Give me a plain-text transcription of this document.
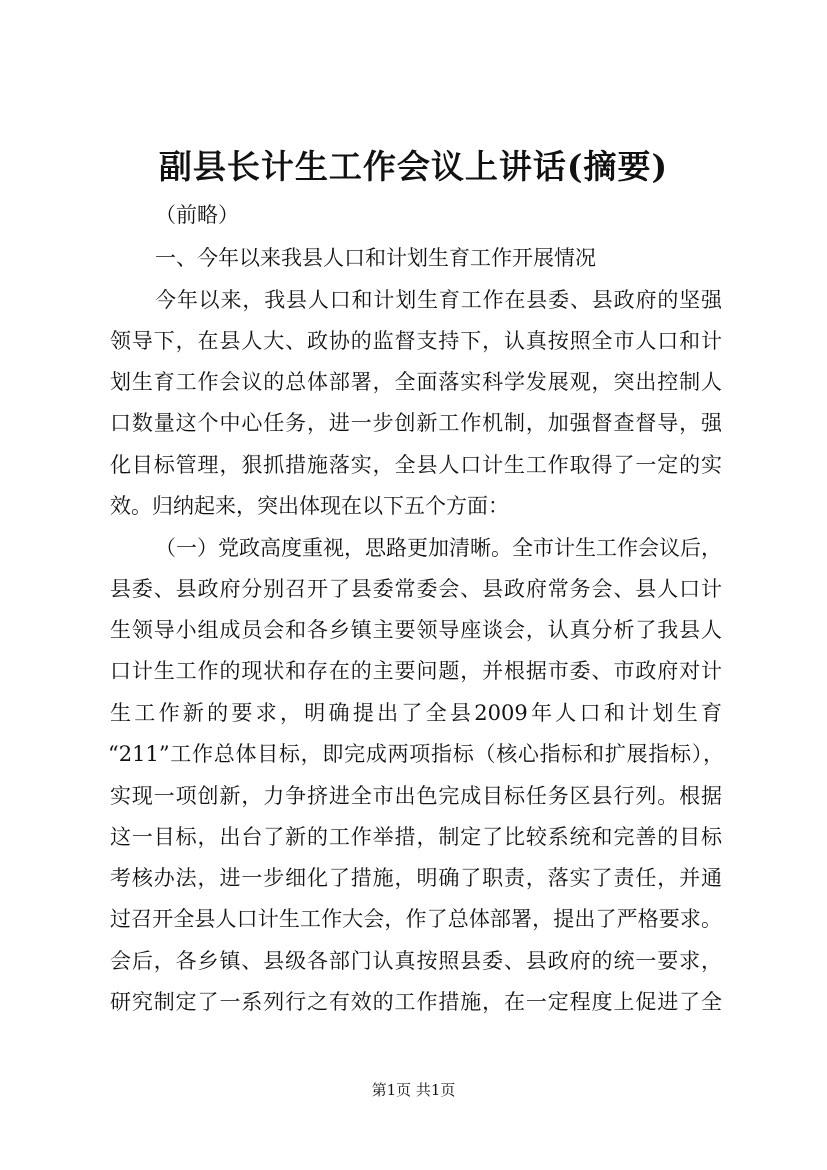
副县长计生工作会议上讲话(摘要)
（前略）
一、今年以来我县人口和计划生育工作开展情况
今年以来，我县人口和计划生育工作在县委、县政府的坚强
领导下，在县人大、政协的监督支持下，认真按照全市人口和计
划生育工作会议的总体部署，全面落实科学发展观，突出控制人
口数量这个中心任务，进一步创新工作机制，加强督查督导，强
化目标管理，狠抓措施落实，全县人口计生工作取得了一定的实
效。归纳起来，突出体现在以下五个方面：
（一）党政高度重视，思路更加清晰。全市计生工作会议后，
县委、县政府分别召开了县委常委会、县政府常务会、县人口计
生领导小组成员会和各乡镇主要领导座谈会，认真分析了我县人
口计生工作的现状和存在的主要问题，并根据市委、市政府对计
生工作新的要求，明确提出了全县2009年人口和计划生育
“211”工作总体目标，即完成两项指标（核心指标和扩展指标），
实现一项创新，力争挤进全市出色完成目标任务区县行列。根据
这一目标，出台了新的工作举措，制定了比较系统和完善的目标
考核办法，进一步细化了措施，明确了职责，落实了责任，并通
过召开全县人口计生工作大会，作了总体部署，提出了严格要求。
会后，各乡镇、县级各部门认真按照县委、县政府的统一要求，
研究制定了一系列行之有效的工作措施，在一定程度上促进了全
第1页 共1页
